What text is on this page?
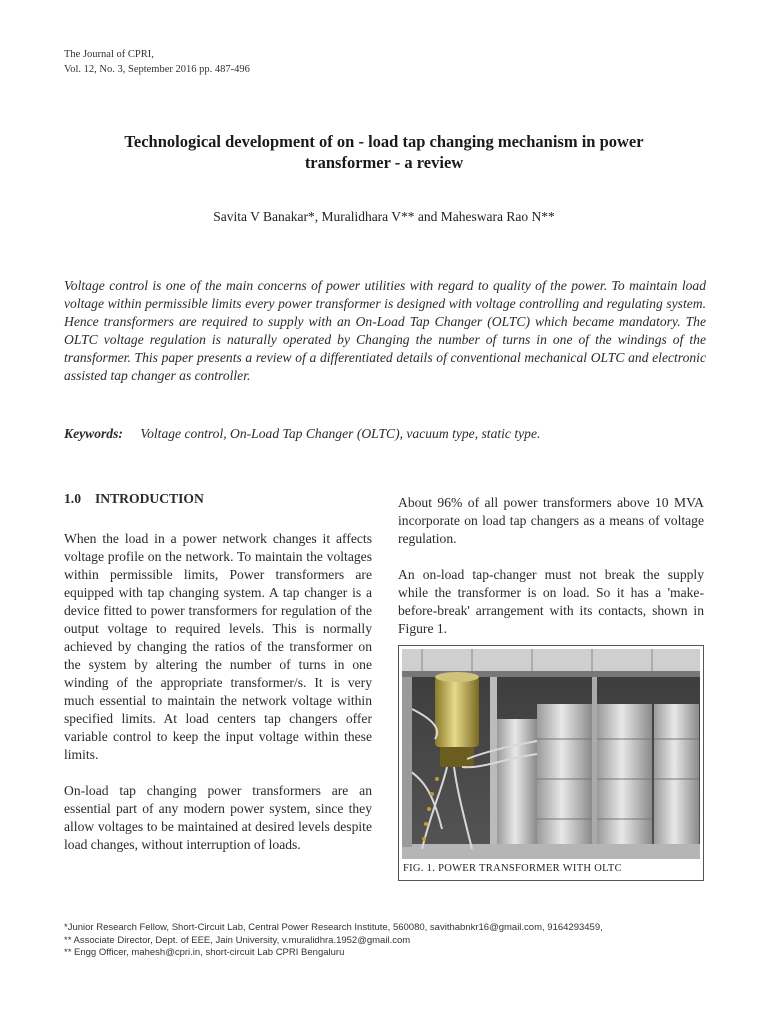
The Journal of CPRI,
Vol. 12, No. 3, September 2016 pp. 487-496
Technological development of on - load tap changing mechanism in power
transformer - a review
Savita V Banakar*, Muralidhara V** and Maheswara Rao N**
Voltage control is one of the main concerns of power utilities with regard to quality of the power. To maintain load voltage within permissible limits every power transformer is designed with voltage controlling and regulating system. Hence transformers are required to supply with an On-Load Tap Changer (OLTC) which became mandatory. The OLTC voltage regulation is naturally operated by Changing the number of turns in one of the windings of the transformer. This paper presents a review of a differentiated details of conventional mechanical OLTC and electronic assisted tap changer as controller.
Keywords: Voltage control, On-Load Tap Changer (OLTC), vacuum type, static type.
1.0 INTRODUCTION

When the load in a power network changes it affects voltage profile on the network. To maintain the voltages within permissible limits, Power transformers are equipped with tap changing system. A tap changer is a device fitted to power transformers for regulation of the output voltage to required levels. This is normally achieved by changing the ratios of the transformer on the system by altering the number of turns in one winding of the appropriate transformer/s. It is very much essential to maintain the network voltage within specified limits. At load centers tap changers offer variable control to keep the input voltage within these limits.

On-load tap changing power transformers are an essential part of any modern power system, since they allow voltages to be maintained at desired levels despite load changes, without interruption of loads.

About 96% of all power transformers above 10 MVA incorporate on load tap changers as a means of voltage regulation.

An on-load tap-changer must not break the supply while the transformer is on load. So it has a 'make-before-break' arrangement with its contacts, shown in Figure 1.

FIG. 1. POWER TRANSFORMER WITH OLTC
*Junior Research Fellow, Short-Circuit Lab, Central Power Research Institute, 560080, savithabnkr16@gmail.com, 9164293459,
** Associate Director, Dept. of EEE, Jain University, v.muralidhra.1952@gmail.com
** Engg Officer, mahesh@cpri.in, short-circuit Lab CPRI Bengaluru
